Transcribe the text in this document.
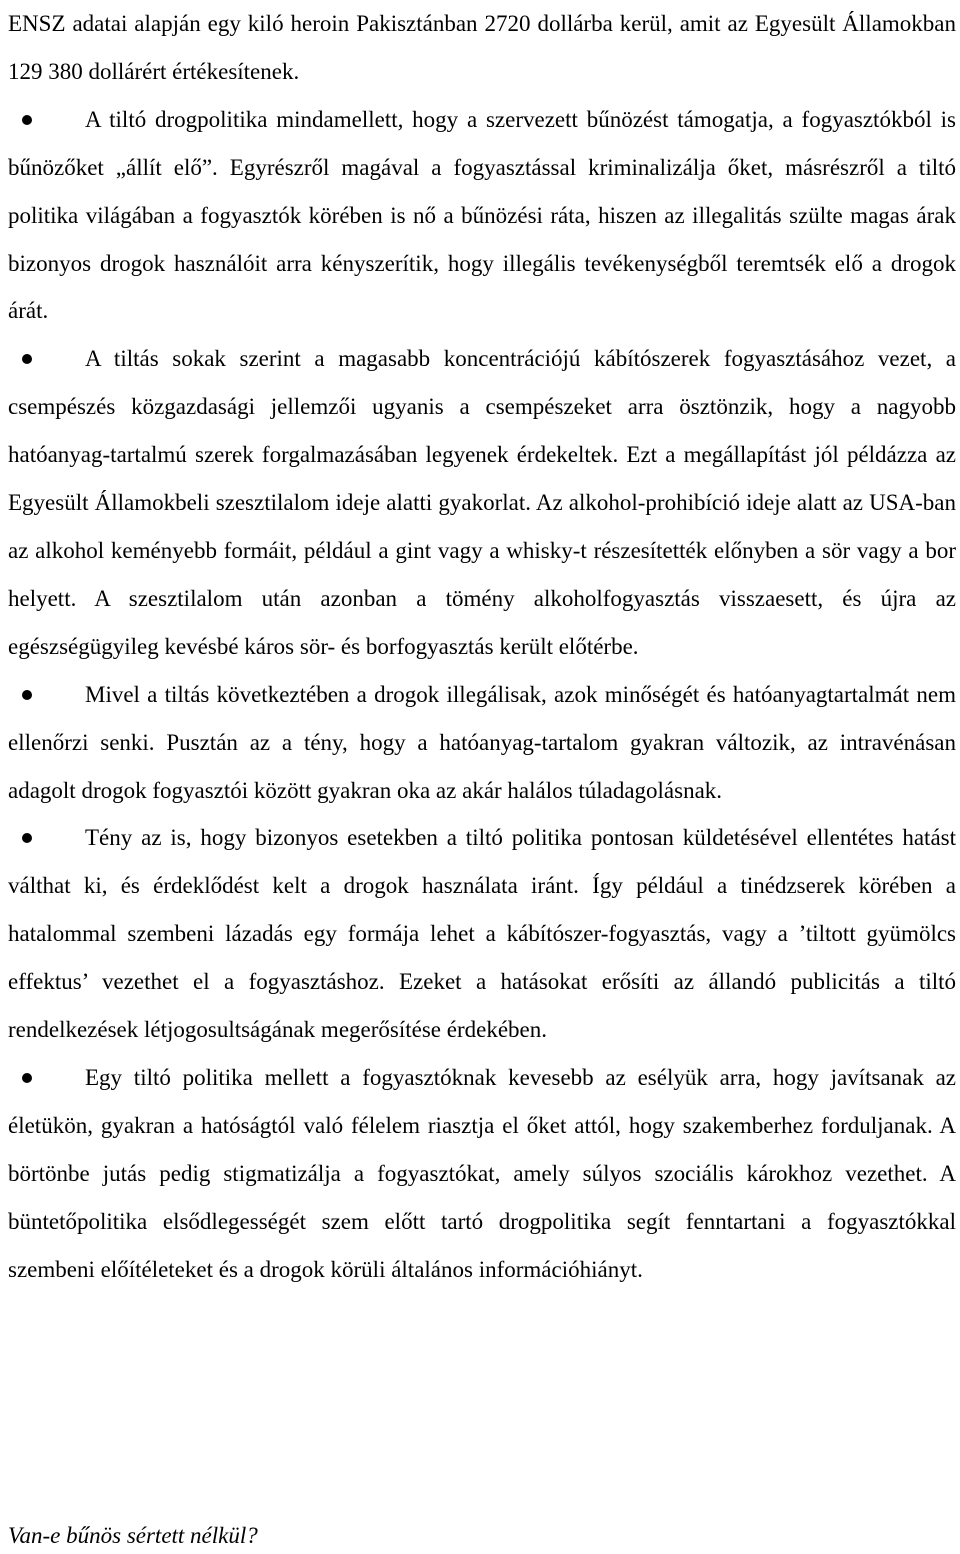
ENSZ adatai alapján egy kiló heroin Pakisztánban 2720 dollárba kerül, amit az Egyesült Államokban 129 380 dollárért értékesítenek.

A tiltó drogpolitika mindamellett, hogy a szervezett bűnözést támogatja, a fogyasztókból is bűnözőket „állít elő”. Egyrészről magával a fogyasztással kriminalizálja őket, másrészről a tiltó politika világában a fogyasztók körében is nő a bűnözési ráta, hiszen az illegalitás szülte magas árak bizonyos drogok használóit arra kényszerítik, hogy illegális tevékenységből teremtsék elő a drogok árát.

A tiltás sokak szerint a magasabb koncentrációjú kábítószerek fogyasztásához vezet, a csempészés közgazdasági jellemzői ugyanis a csempészeket arra ösztönzik, hogy a nagyobb hatóanyag-tartalmú szerek forgalmazásában legyenek érdekeltek. Ezt a megállapítást jól példázza az Egyesült Államokbeli szesztilalom ideje alatti gyakorlat. Az alkohol-prohibíció ideje alatt az USA-ban az alkohol keményebb formáit, például a gint vagy a whisky-t részesítették előnyben a sör vagy a bor helyett. A szesztilalom után azonban a tömény alkoholfogyasztás visszaesett, és újra az egészségügyileg kevésbé káros sör- és borfogyasztás került előtérbe.

Mivel a tiltás következtében a drogok illegálisak, azok minőségét és hatóanyagtartalmát nem ellenőrzi senki. Pusztán az a tény, hogy a hatóanyag-tartalom gyakran változik, az intravénásan adagolt drogok fogyasztói között gyakran oka az akár halálos túladagolásnak.

Tény az is, hogy bizonyos esetekben a tiltó politika pontosan küldetésével ellentétes hatást válthat ki, és érdeklődést kelt a drogok használata iránt. Így például a tinédzserek körében a hatalommal szembeni lázadás egy formája lehet a kábítószer-fogyasztás, vagy a ’tiltott gyümölcs effektus’ vezethet el a fogyasztáshoz. Ezeket a hatásokat erősíti az állandó publicitás a tiltó rendelkezések létjogosultságának megerősítése érdekében.

Egy tiltó politika mellett a fogyasztóknak kevesebb az esélyük arra, hogy javítsanak az életükön, gyakran a hatóságtól való félelem riasztja el őket attól, hogy szakemberhez forduljanak. A börtönbe jutás pedig stigmatizálja a fogyasztókat, amely súlyos szociális károkhoz vezethet. A büntetőpolitika elsődlegességét szem előtt tartó drogpolitika segít fenntartani a fogyasztókkal szembeni előítéleteket és a drogok körüli általános információhiányt.

Van-e bűnös sértett nélkül?
